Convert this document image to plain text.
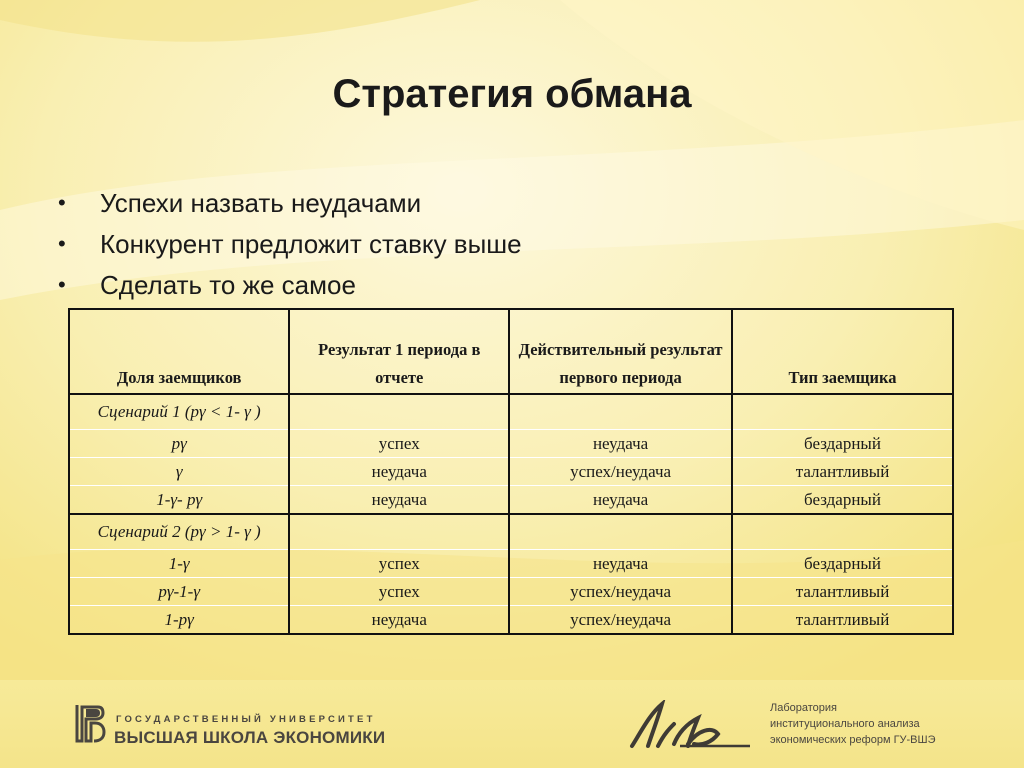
Стратегия обмана
• Успехи назвать неудачами
• Конкурент предложит ставку выше
• Сделать то же самое
Доля заемщиков	Результат 1 периода в отчете	Действительный результат первого периода	Тип заемщика
Сценарий 1 (pγ < 1- γ )			
pγ	успех	неудача	бездарный
γ	неудача	успех/неудача	талантливый
1-γ- pγ	неудача	неудача	бездарный
Сценарий 2 (pγ > 1- γ )			
1-γ	успех	неудача	бездарный
pγ-1-γ	успех	успех/неудача	талантливый
1-pγ	неудача	успех/неудача	талантливый
ГОСУДАРСТВЕННЫЙ УНИВЕРСИТЕТ
ВЫСШАЯ ШКОЛА ЭКОНОМИКИ
Лаборатория
институционального анализа
экономических реформ ГУ-ВШЭ
